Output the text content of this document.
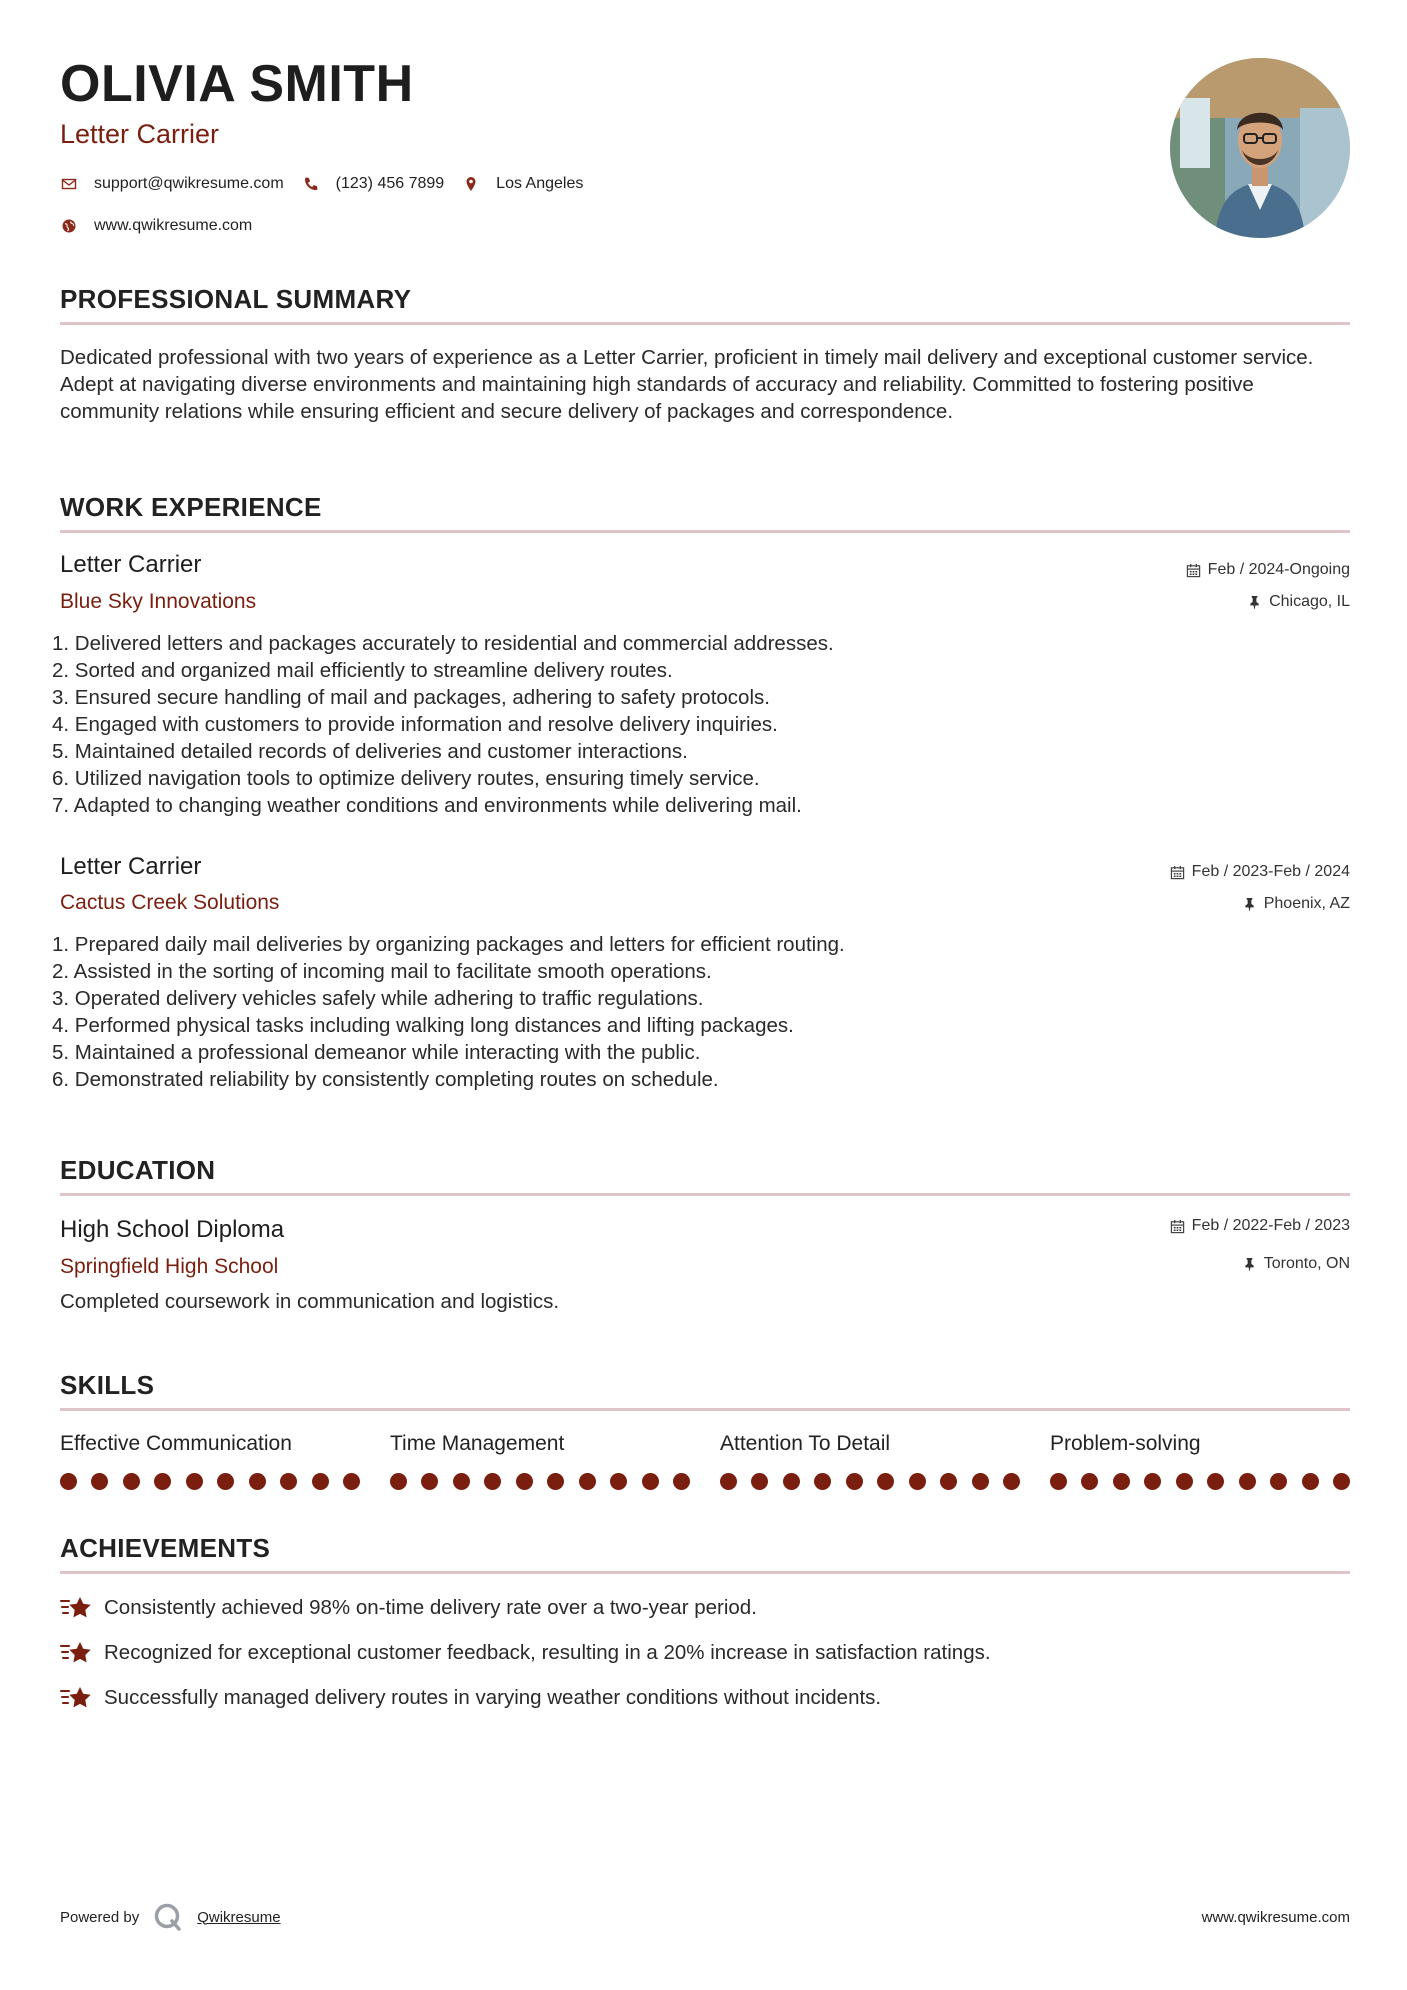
OLIVIA SMITH
Letter Carrier
support@qwikresume.com	(123) 456 7899	Los Angeles
www.qwikresume.com
PROFESSIONAL SUMMARY
Dedicated professional with two years of experience as a Letter Carrier, proficient in timely mail delivery and exceptional customer service. Adept at navigating diverse environments and maintaining high standards of accuracy and reliability. Committed to fostering positive community relations while ensuring efficient and secure delivery of packages and correspondence.
WORK EXPERIENCE
Letter Carrier
Blue Sky Innovations
Feb / 2024-Ongoing
Chicago, IL
1. Delivered letters and packages accurately to residential and commercial addresses.
2. Sorted and organized mail efficiently to streamline delivery routes.
3. Ensured secure handling of mail and packages, adhering to safety protocols.
4. Engaged with customers to provide information and resolve delivery inquiries.
5. Maintained detailed records of deliveries and customer interactions.
6. Utilized navigation tools to optimize delivery routes, ensuring timely service.
7. Adapted to changing weather conditions and environments while delivering mail.
Letter Carrier
Cactus Creek Solutions
Feb / 2023-Feb / 2024
Phoenix, AZ
1. Prepared daily mail deliveries by organizing packages and letters for efficient routing.
2. Assisted in the sorting of incoming mail to facilitate smooth operations.
3. Operated delivery vehicles safely while adhering to traffic regulations.
4. Performed physical tasks including walking long distances and lifting packages.
5. Maintained a professional demeanor while interacting with the public.
6. Demonstrated reliability by consistently completing routes on schedule.
EDUCATION
High School Diploma
Springfield High School
Feb / 2022-Feb / 2023
Toronto, ON
Completed coursework in communication and logistics.
SKILLS
Effective Communication	Time Management	Attention To Detail	Problem-solving
ACHIEVEMENTS
Consistently achieved 98% on-time delivery rate over a two-year period.
Recognized for exceptional customer feedback, resulting in a 20% increase in satisfaction ratings.
Successfully managed delivery routes in varying weather conditions without incidents.
Powered by	Qwikresume	www.qwikresume.com
